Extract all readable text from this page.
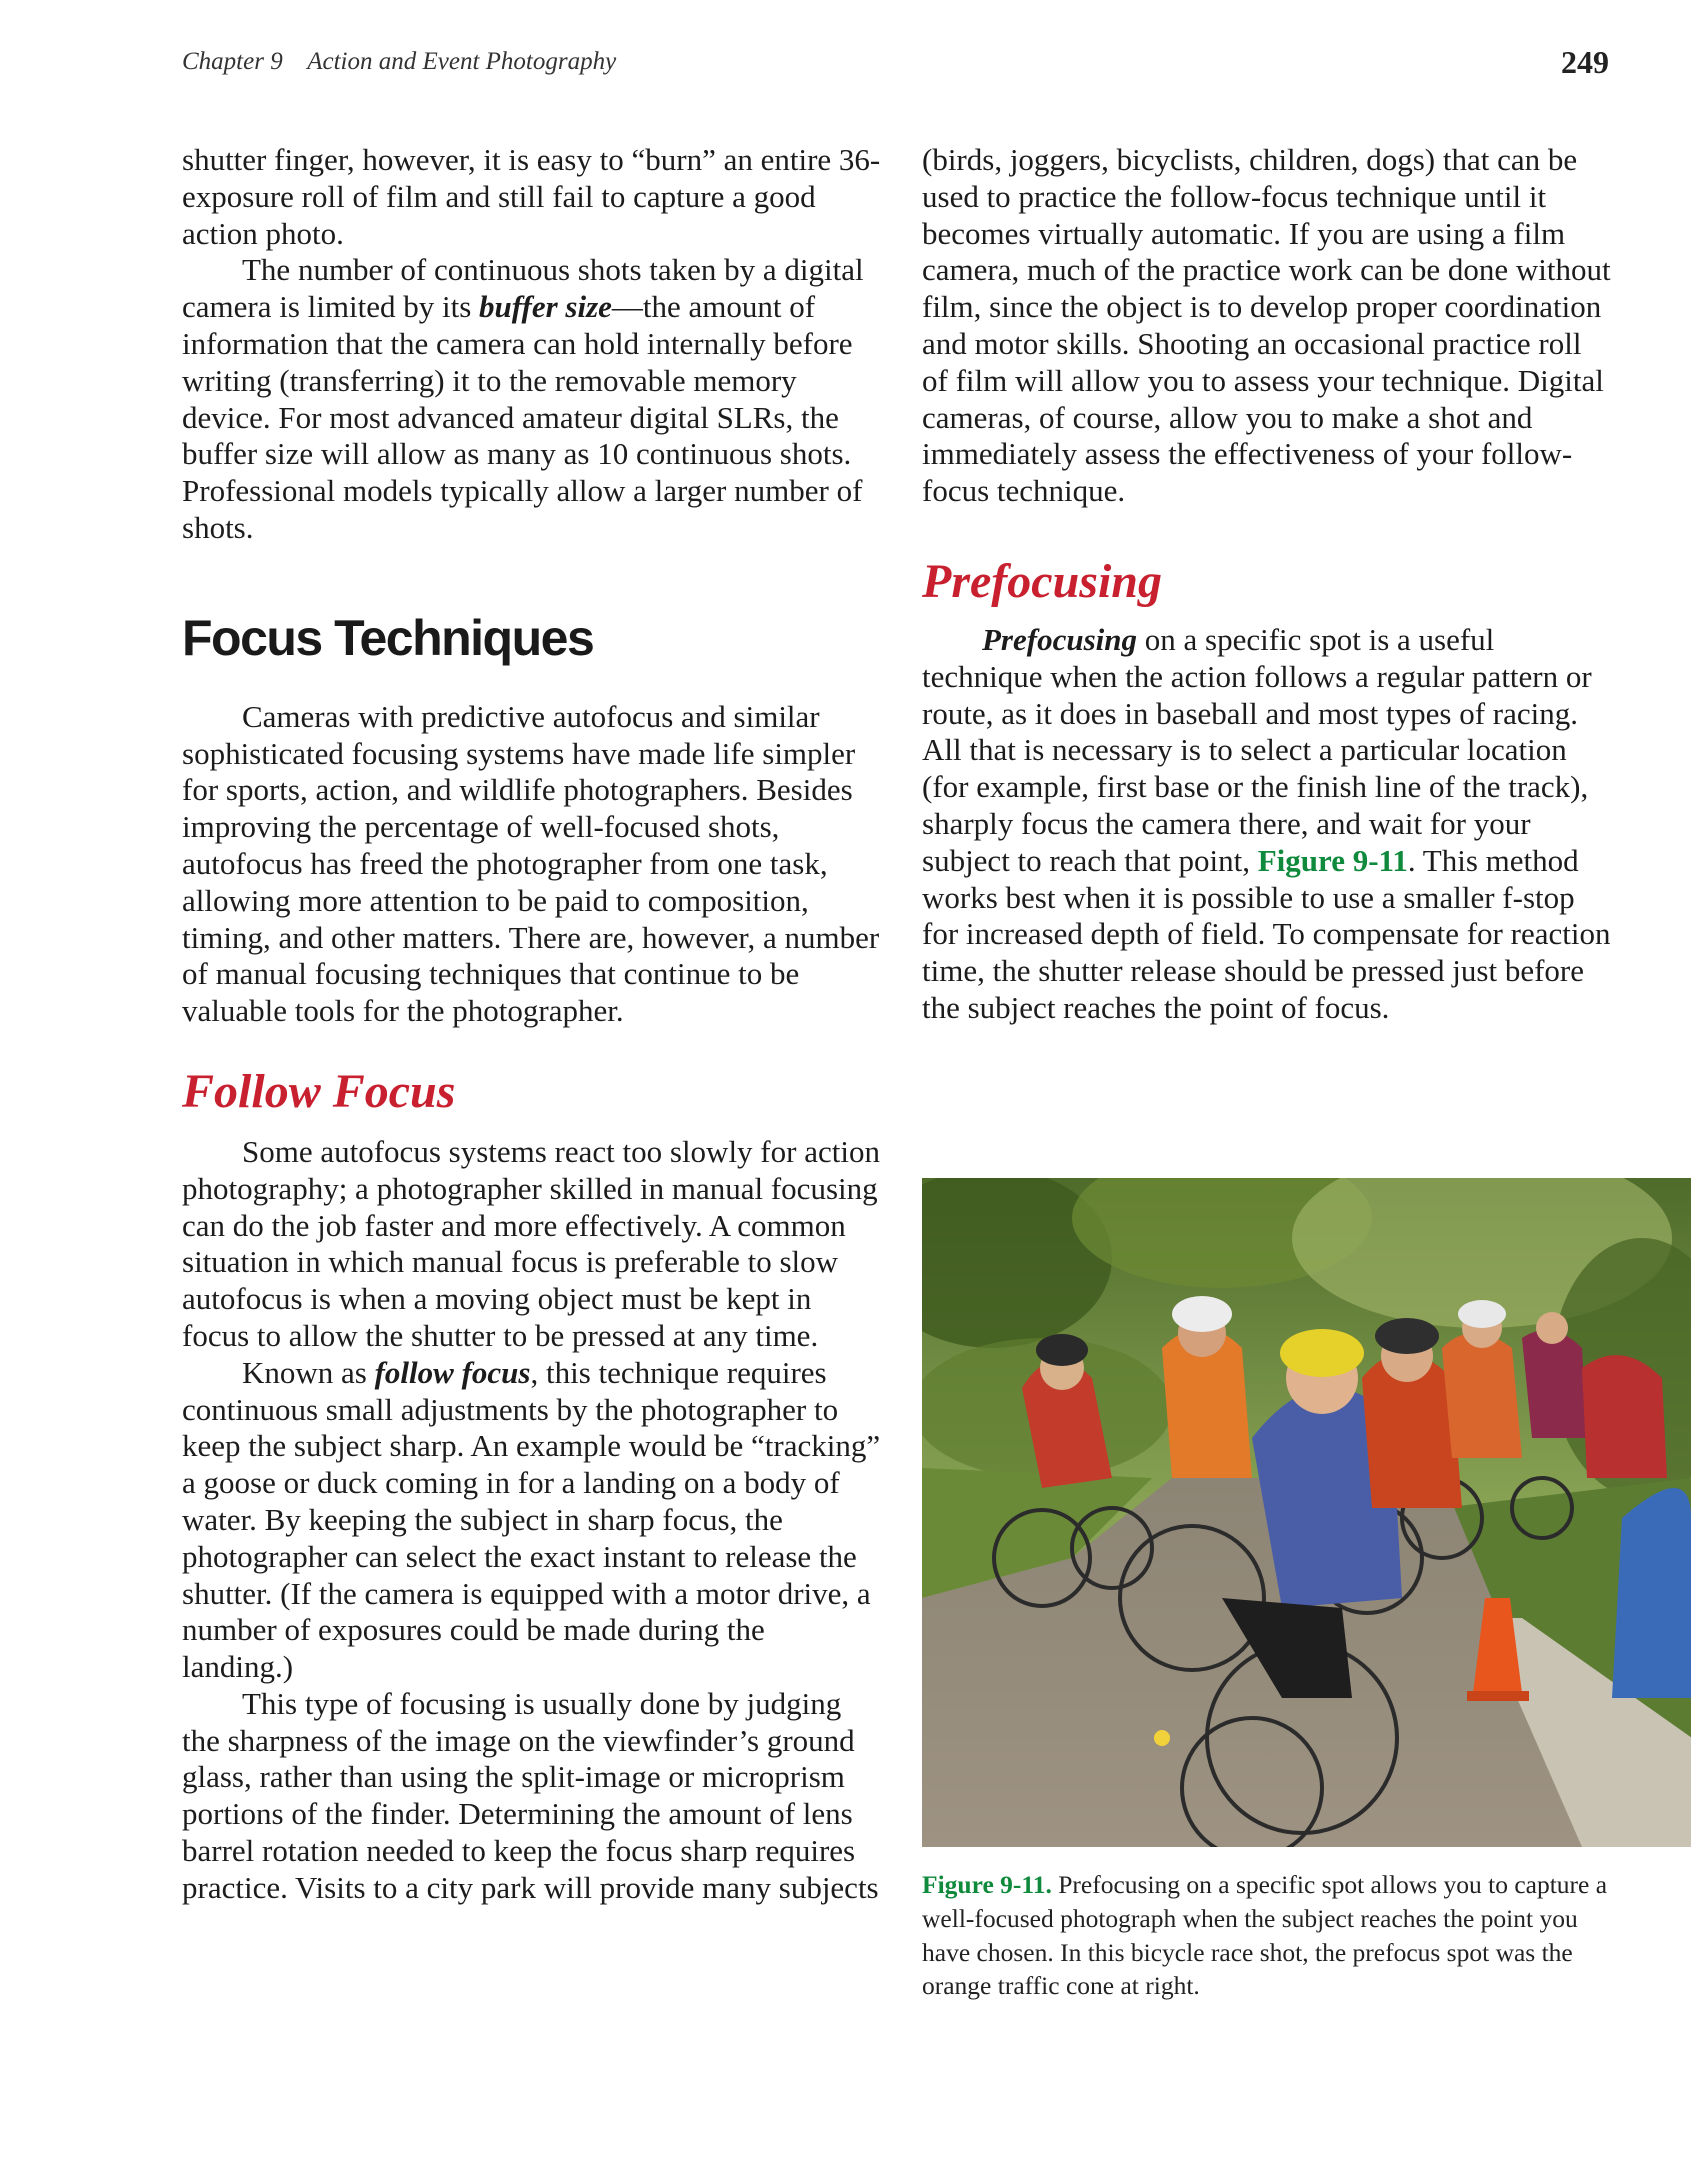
Chapter 9    Action and Event Photography	249

shutter finger, however, it is easy to “burn” an entire 36-exposure roll of film and still fail to capture a good action photo.

The number of continuous shots taken by a digital camera is limited by its buffer size—the amount of information that the camera can hold internally before writing (transferring) it to the removable memory device. For most advanced amateur digital SLRs, the buffer size will allow as many as 10 continuous shots. Professional models typically allow a larger number of shots.

Focus Techniques

Cameras with predictive autofocus and similar sophisticated focusing systems have made life simpler for sports, action, and wildlife photographers. Besides improving the percentage of well-focused shots, autofocus has freed the photographer from one task, allowing more attention to be paid to composition, timing, and other matters. There are, however, a number of manual focusing techniques that continue to be valuable tools for the photographer.

Follow Focus

Some autofocus systems react too slowly for action photography; a photographer skilled in manual focusing can do the job faster and more effectively. A common situation in which manual focus is preferable to slow autofocus is when a moving object must be kept in focus to allow the shutter to be pressed at any time.

Known as follow focus, this technique requires continuous small adjustments by the photographer to keep the subject sharp. An example would be “tracking” a goose or duck coming in for a landing on a body of water. By keeping the subject in sharp focus, the photographer can select the exact instant to release the shutter. (If the camera is equipped with a motor drive, a number of exposures could be made during the landing.)

This type of focusing is usually done by judging the sharpness of the image on the viewfinder’s ground glass, rather than using the split-image or microprism portions of the finder. Determining the amount of lens barrel rotation needed to keep the focus sharp requires practice. Visits to a city park will provide many subjects

(birds, joggers, bicyclists, children, dogs) that can be used to practice the follow-focus technique until it becomes virtually automatic. If you are using a film camera, much of the practice work can be done without film, since the object is to develop proper coordination and motor skills. Shooting an occasional practice roll of film will allow you to assess your technique. Digital cameras, of course, allow you to make a shot and immediately assess the effectiveness of your follow-focus technique.

Prefocusing

Prefocusing on a specific spot is a useful technique when the action follows a regular pattern or route, as it does in baseball and most types of racing. All that is necessary is to select a particular location (for example, first base or the finish line of the track), sharply focus the camera there, and wait for your subject to reach that point, Figure 9-11. This method works best when it is possible to use a smaller f-stop for increased depth of field. To compensate for reaction time, the shutter release should be pressed just before the subject reaches the point of focus.

Figure 9-11. Prefocusing on a specific spot allows you to capture a well-focused photograph when the subject reaches the point you have chosen. In this bicycle race shot, the prefocus spot was the orange traffic cone at right.
